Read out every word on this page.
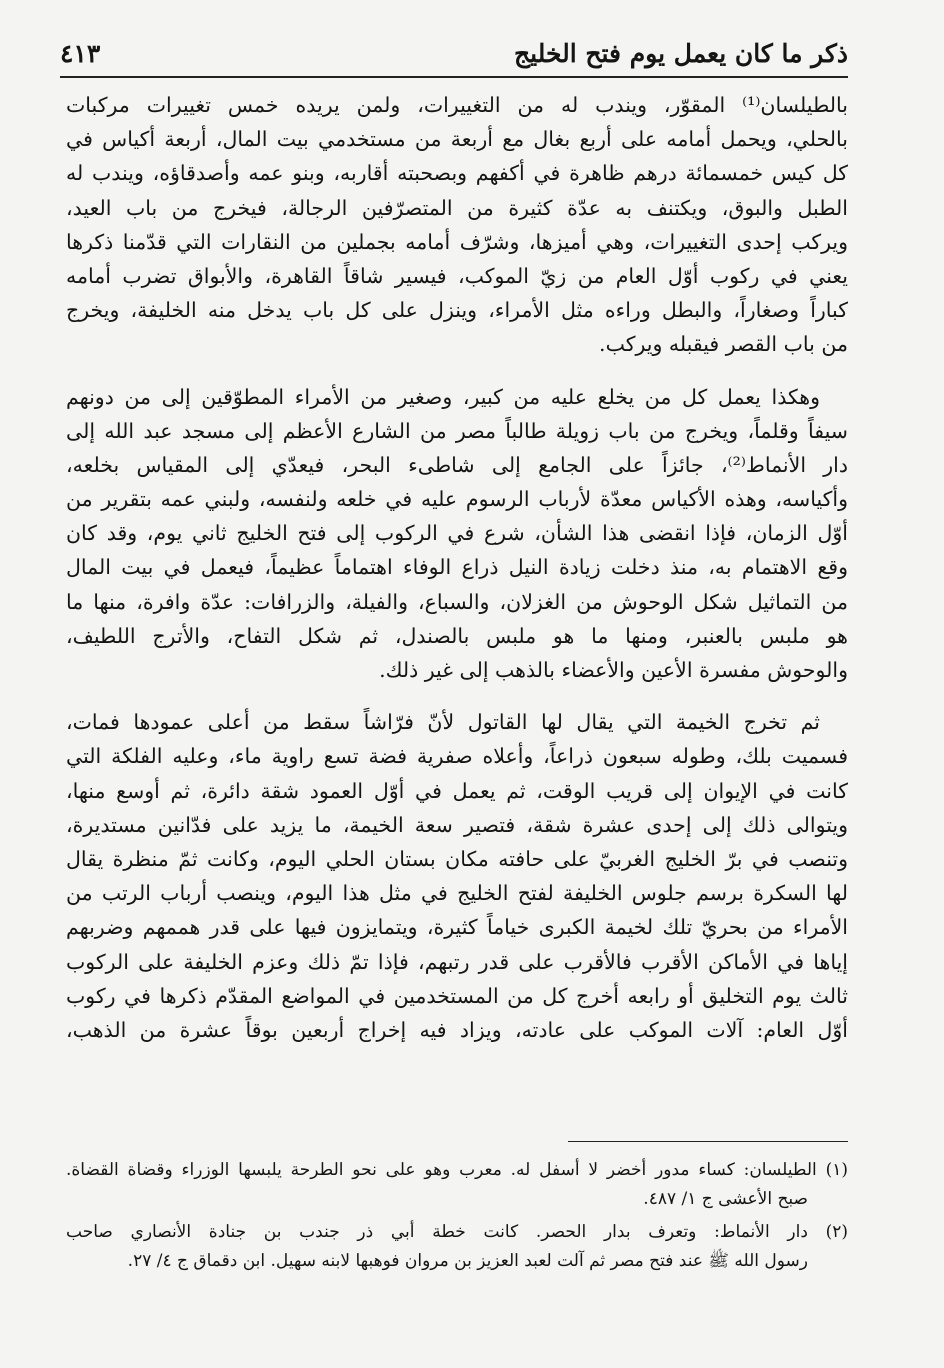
ذكر ما كان يعمل يوم فتح الخليج
٤١٣
بالطيلسان⁽¹⁾ المقوّر، ويندب له من التغييرات، ولمن يريده خمس تغييرات مركبات
بالحلي، ويحمل أمامه على أربع بغال مع أربعة من مستخدمي بيت المال، أربعة أكياس في
كل كيس خمسمائة درهم ظاهرة في أكفهم وبصحبته أقاربه، وبنو عمه وأصدقاؤه، ويندب له
الطبل والبوق، ويكتنف به عدّة كثيرة من المتصرّفين الرجالة، فيخرج من باب العيد،
ويركب إحدى التغييرات، وهي أميزها، وشرّف أمامه بجملين من النقارات التي قدّمنا ذكرها
يعني في ركوب أوّل العام من زيّ الموكب، فيسير شاقاً القاهرة، والأبواق تضرب أمامه
كباراً وصغاراً، والبطل وراءه مثل الأمراء، وينزل على كل باب يدخل منه الخليفة، ويخرج
من باب القصر فيقبله ويركب.
وهكذا يعمل كل من يخلع عليه من كبير، وصغير من الأمراء المطوّقين إلى من دونهم
سيفاً وقلماً، ويخرج من باب زويلة طالباً مصر من الشارع الأعظم إلى مسجد عبد الله إلى
دار الأنماط⁽²⁾، جائزاً على الجامع إلى شاطىء البحر، فيعدّي إلى المقياس بخلعه،
وأكياسه، وهذه الأكياس معدّة لأرباب الرسوم عليه في خلعه ولنفسه، ولبني عمه بتقرير من
أوّل الزمان، فإذا انقضى هذا الشأن، شرع في الركوب إلى فتح الخليج ثاني يوم، وقد كان
وقع الاهتمام به، منذ دخلت زيادة النيل ذراع الوفاء اهتماماً عظيماً، فيعمل في بيت المال
من التماثيل شكل الوحوش من الغزلان، والسباع، والفيلة، والزرافات: عدّة وافرة، منها ما
هو ملبس بالعنبر، ومنها ما هو ملبس بالصندل، ثم شكل التفاح، والأترج اللطيف،
والوحوش مفسرة الأعين والأعضاء بالذهب إلى غير ذلك.
ثم تخرج الخيمة التي يقال لها القاتول لأنّ فرّاشاً سقط من أعلى عمودها فمات،
فسميت بلك، وطوله سبعون ذراعاً، وأعلاه صفرية فضة تسع راوية ماء، وعليه الفلكة التي
كانت في الإيوان إلى قريب الوقت، ثم يعمل في أوّل العمود شقة دائرة، ثم أوسع منها،
ويتوالى ذلك إلى إحدى عشرة شقة، فتصير سعة الخيمة، ما يزيد على فدّانين مستديرة،
وتنصب في برّ الخليج الغربيّ على حافته مكان بستان الحلي اليوم، وكانت ثمّ منظرة يقال
لها السكرة برسم جلوس الخليفة لفتح الخليج في مثل هذا اليوم، وينصب أرباب الرتب من
الأمراء من بحريّ تلك لخيمة الكبرى خياماً كثيرة، ويتمايزون فيها على قدر هممهم وضربهم
إياها في الأماكن الأقرب فالأقرب على قدر رتبهم، فإذا تمّ ذلك وعزم الخليفة على الركوب
ثالث يوم التخليق أو رابعه أخرج كل من المستخدمين في المواضع المقدّم ذكرها في ركوب
أوّل العام: آلات الموكب على عادته، ويزاد فيه إخراج أربعين بوقاً عشرة من الذهب،
(١) الطيلسان: كساء مدور أخضر لا أسفل له. معرب وهو على نحو الطرحة يلبسها الوزراء وقضاة القضاة.
صبح الأعشى ج ١/ ٤٨٧.
(٢) دار الأنماط: وتعرف بدار الحصر. كانت خطة أبي ذر جندب بن جنادة الأنصاري صاحب
رسول الله ﷺ عند فتح مصر ثم آلت لعبد العزيز بن مروان فوهبها لابنه سهيل. ابن دقماق ج ٤/ ٢٧.
